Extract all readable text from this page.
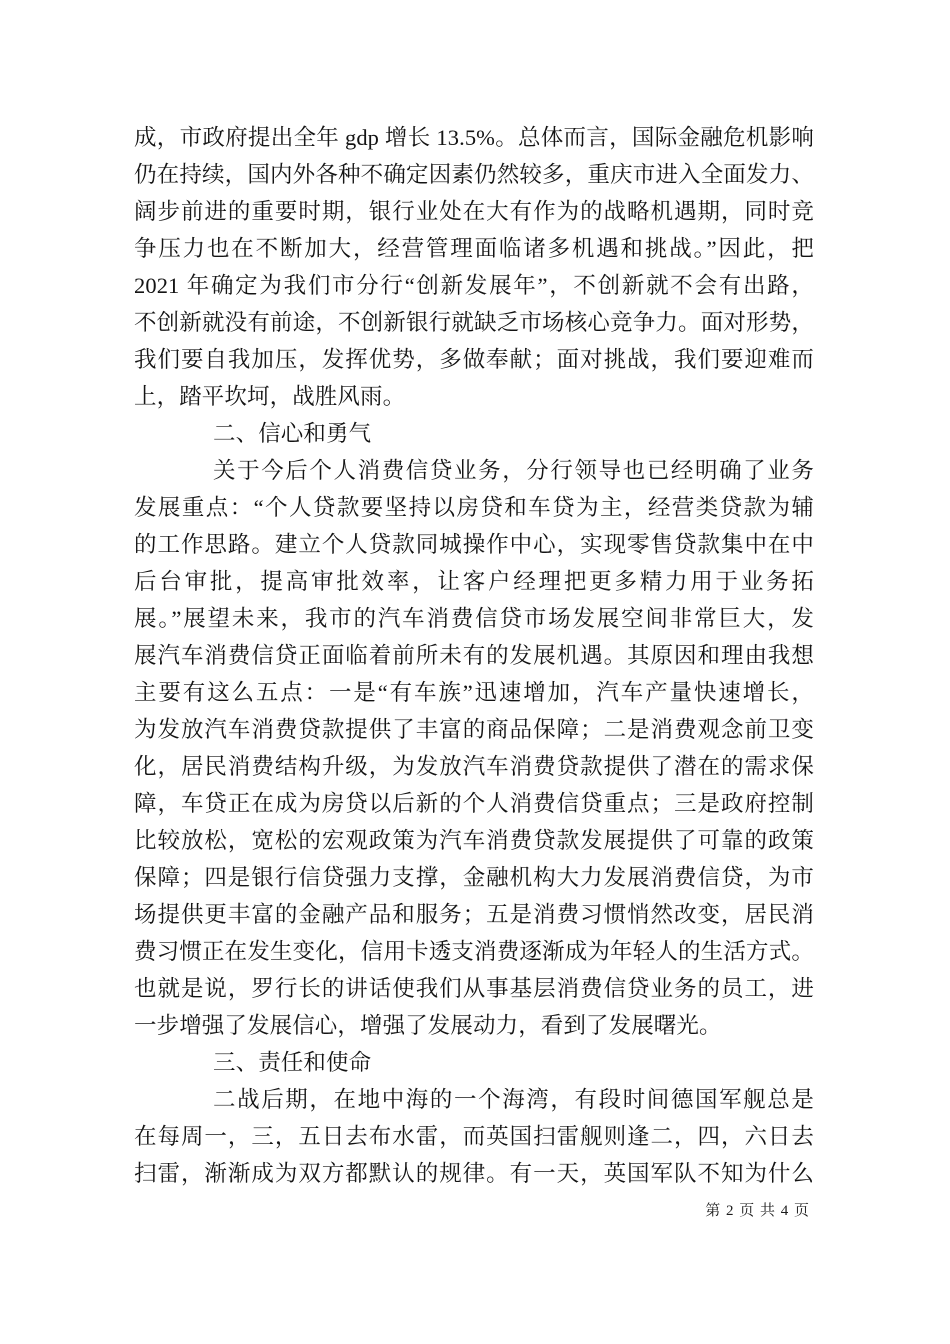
成，市政府提出全年 gdp 增长 13.5%。总体而言，国际金融危机影响
仍在持续，国内外各种不确定因素仍然较多，重庆市进入全面发力、
阔步前进的重要时期，银行业处在大有作为的战略机遇期，同时竞
争压力也在不断加大，经营管理面临诸多机遇和挑战。”因此，把
2021 年确定为我们市分行“创新发展年”，不创新就不会有出路，
不创新就没有前途，不创新银行就缺乏市场核心竞争力。面对形势，
我们要自我加压，发挥优势，多做奉献；面对挑战，我们要迎难而
上，踏平坎坷，战胜风雨。
二、信心和勇气
关于今后个人消费信贷业务，分行领导也已经明确了业务
发展重点：“个人贷款要坚持以房贷和车贷为主，经营类贷款为辅
的工作思路。建立个人贷款同城操作中心，实现零售贷款集中在中
后台审批，提高审批效率，让客户经理把更多精力用于业务拓
展。”展望未来，我市的汽车消费信贷市场发展空间非常巨大，发
展汽车消费信贷正面临着前所未有的发展机遇。其原因和理由我想
主要有这么五点：一是“有车族”迅速增加，汽车产量快速增长，
为发放汽车消费贷款提供了丰富的商品保障；二是消费观念前卫变
化，居民消费结构升级，为发放汽车消费贷款提供了潜在的需求保
障，车贷正在成为房贷以后新的个人消费信贷重点；三是政府控制
比较放松，宽松的宏观政策为汽车消费贷款发展提供了可靠的政策
保障；四是银行信贷强力支撑，金融机构大力发展消费信贷，为市
场提供更丰富的金融产品和服务；五是消费习惯悄然改变，居民消
费习惯正在发生变化，信用卡透支消费逐渐成为年轻人的生活方式。
也就是说，罗行长的讲话使我们从事基层消费信贷业务的员工，进
一步增强了发展信心，增强了发展动力，看到了发展曙光。
三、责任和使命
二战后期，在地中海的一个海湾，有段时间德国军舰总是
在每周一，三，五日去布水雷，而英国扫雷舰则逢二，四，六日去
扫雷，渐渐成为双方都默认的规律。有一天，英国军队不知为什么
第 2 页 共 4 页
